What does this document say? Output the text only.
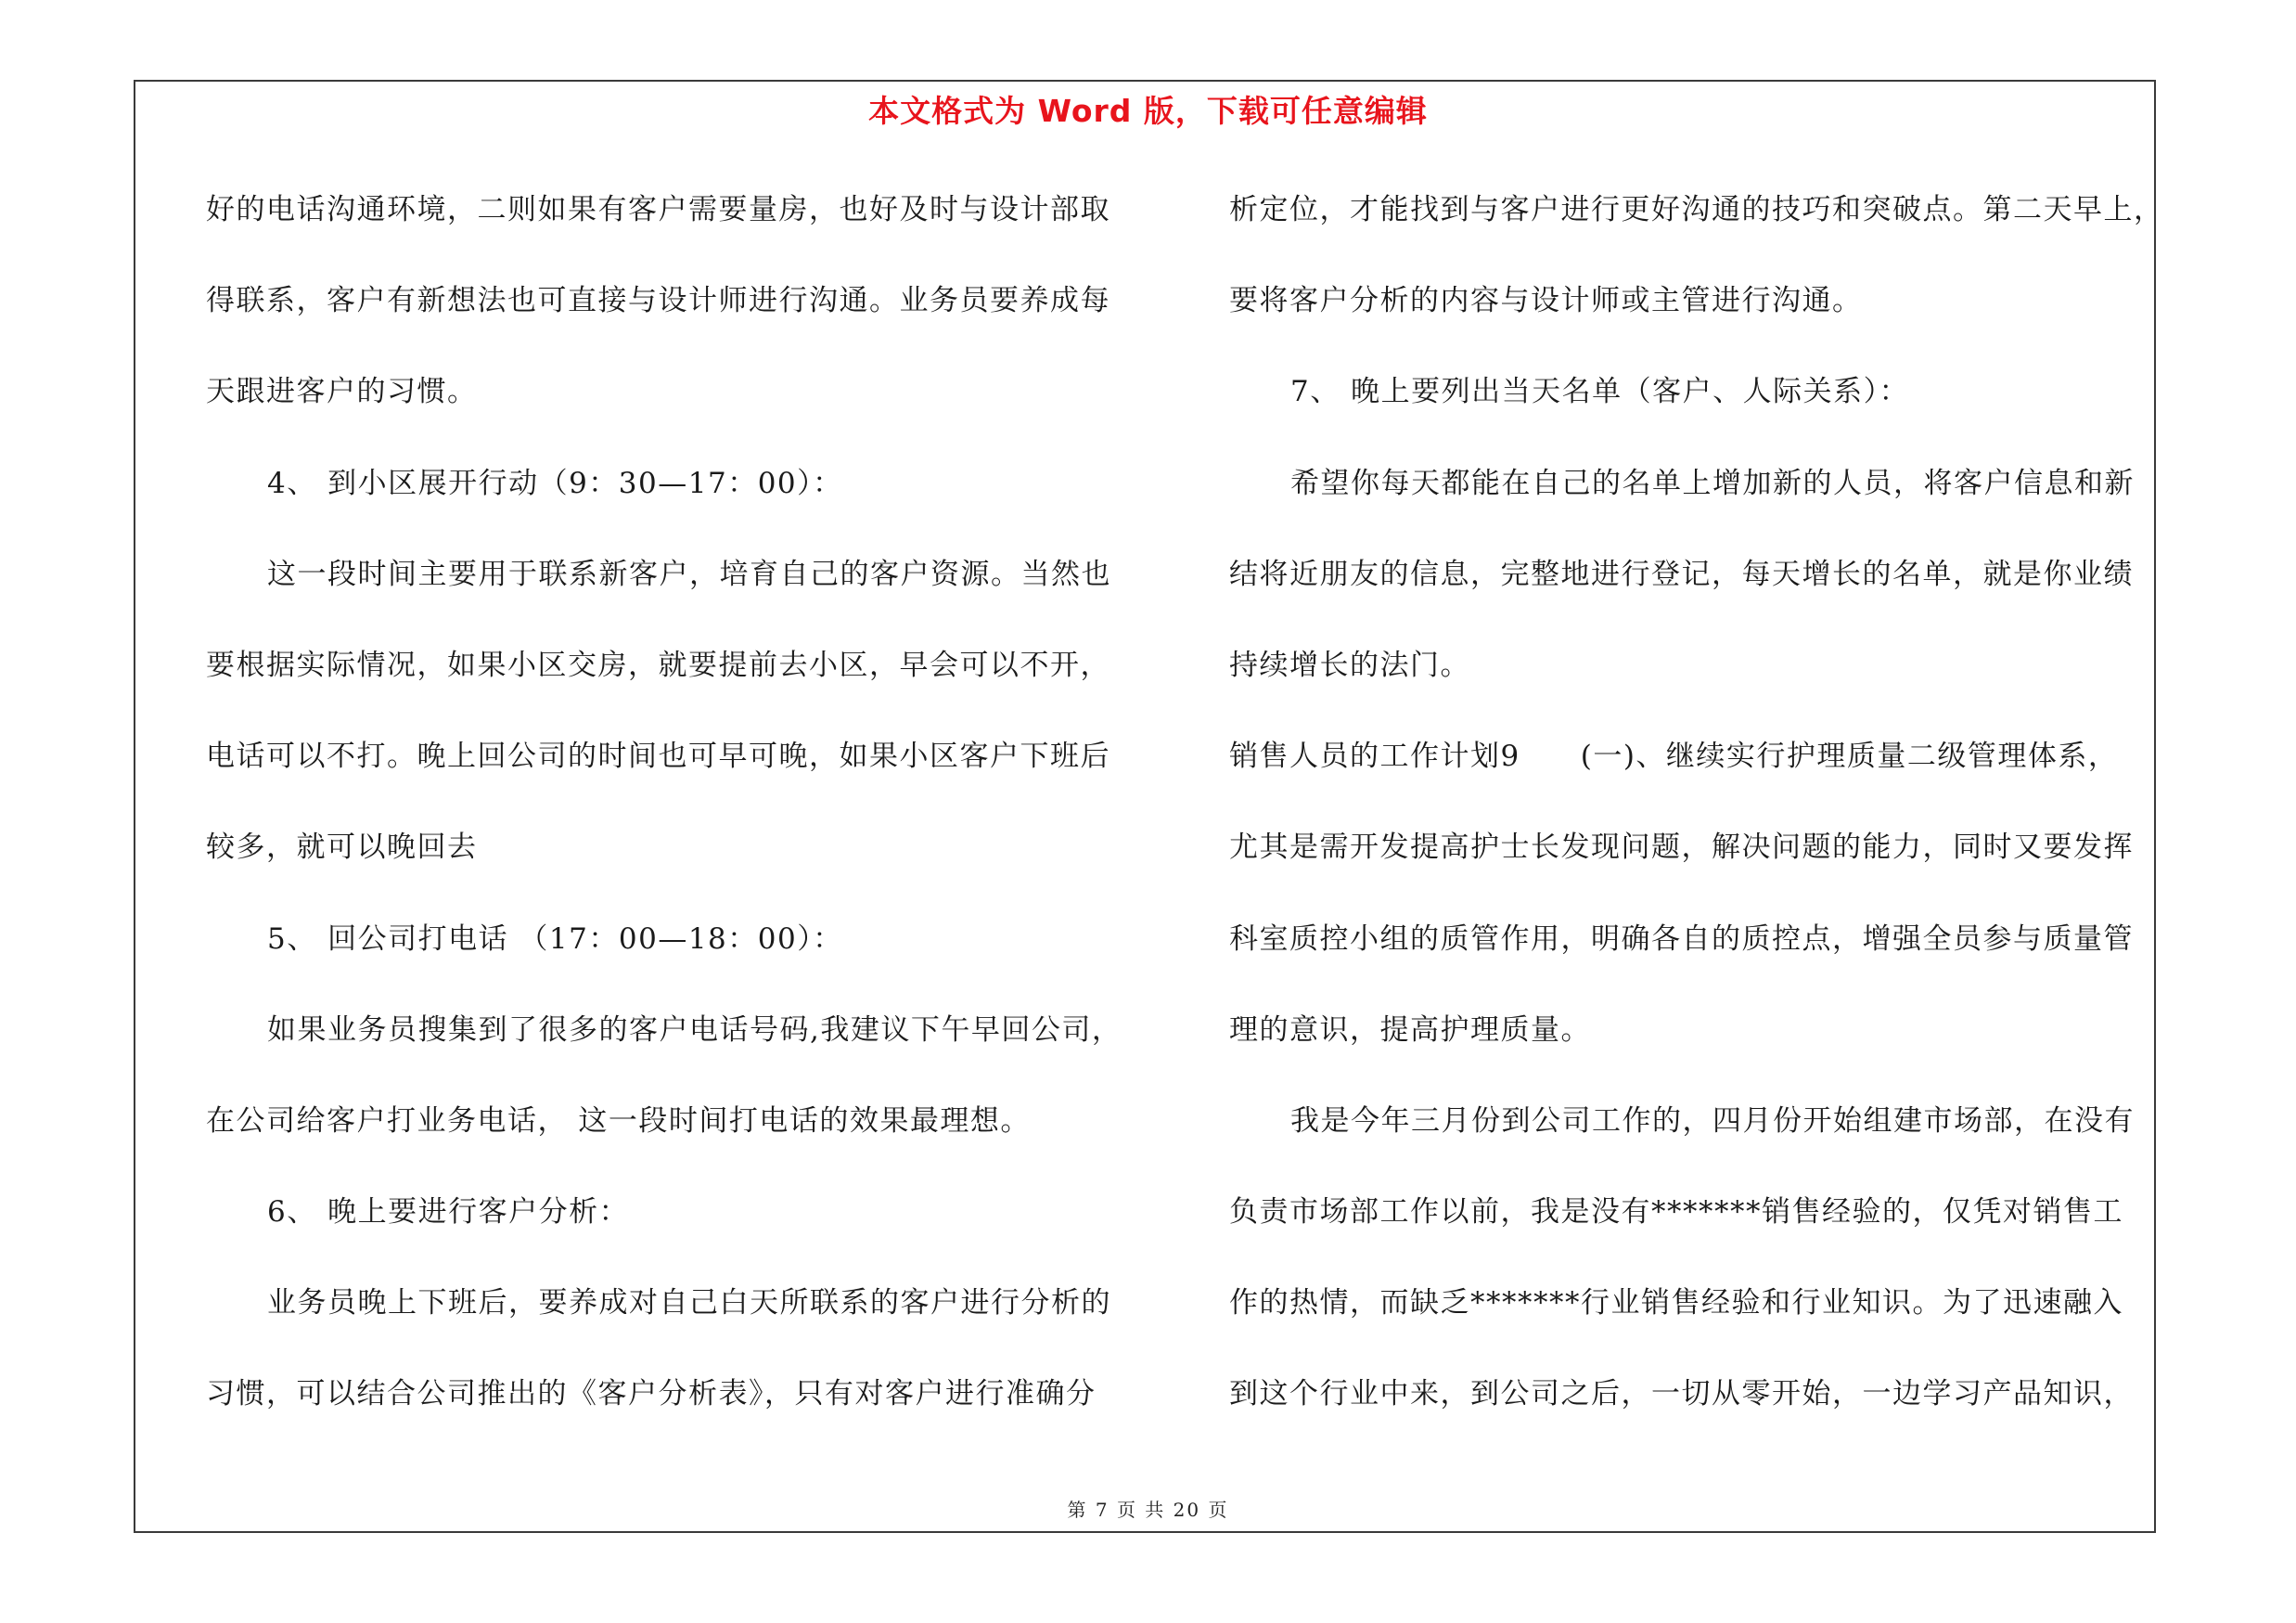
本文格式为 Word 版，下载可任意编辑
好的电话沟通环境，二则如果有客户需要量房，也好及时与设计部取
得联系，客户有新想法也可直接与设计师进行沟通。业务员要养成每
天跟进客户的习惯。
4、 到小区展开行动（9：30—17：00）：
这一段时间主要用于联系新客户，培育自己的客户资源。当然也
要根据实际情况，如果小区交房，就要提前去小区，早会可以不开，
电话可以不打。晚上回公司的时间也可早可晚，如果小区客户下班后
较多，就可以晚回去
5、 回公司打电话 （17：00—18：00）：
如果业务员搜集到了很多的客户电话号码,我建议下午早回公司，
在公司给客户打业务电话， 这一段时间打电话的效果最理想。
6、 晚上要进行客户分析：
业务员晚上下班后，要养成对自己白天所联系的客户进行分析的
习惯，可以结合公司推出的《客户分析表》，只有对客户进行准确分
析定位，才能找到与客户进行更好沟通的技巧和突破点。第二天早上，
要将客户分析的内容与设计师或主管进行沟通。
7、 晚上要列出当天名单（客户、人际关系）：
希望你每天都能在自己的名单上增加新的人员，将客户信息和新
结将近朋友的信息，完整地进行登记，每天增长的名单，就是你业绩
持续增长的法门。
销售人员的工作计划9　　(一)、继续实行护理质量二级管理体系，
尤其是需开发提高护士长发现问题，解决问题的能力，同时又要发挥
科室质控小组的质管作用，明确各自的质控点，增强全员参与质量管
理的意识，提高护理质量。
我是今年三月份到公司工作的，四月份开始组建市场部，在没有
负责市场部工作以前，我是没有*******销售经验的，仅凭对销售工
作的热情，而缺乏*******行业销售经验和行业知识。为了迅速融入
到这个行业中来，到公司之后，一切从零开始，一边学习产品知识，
第 7 页 共 20 页
